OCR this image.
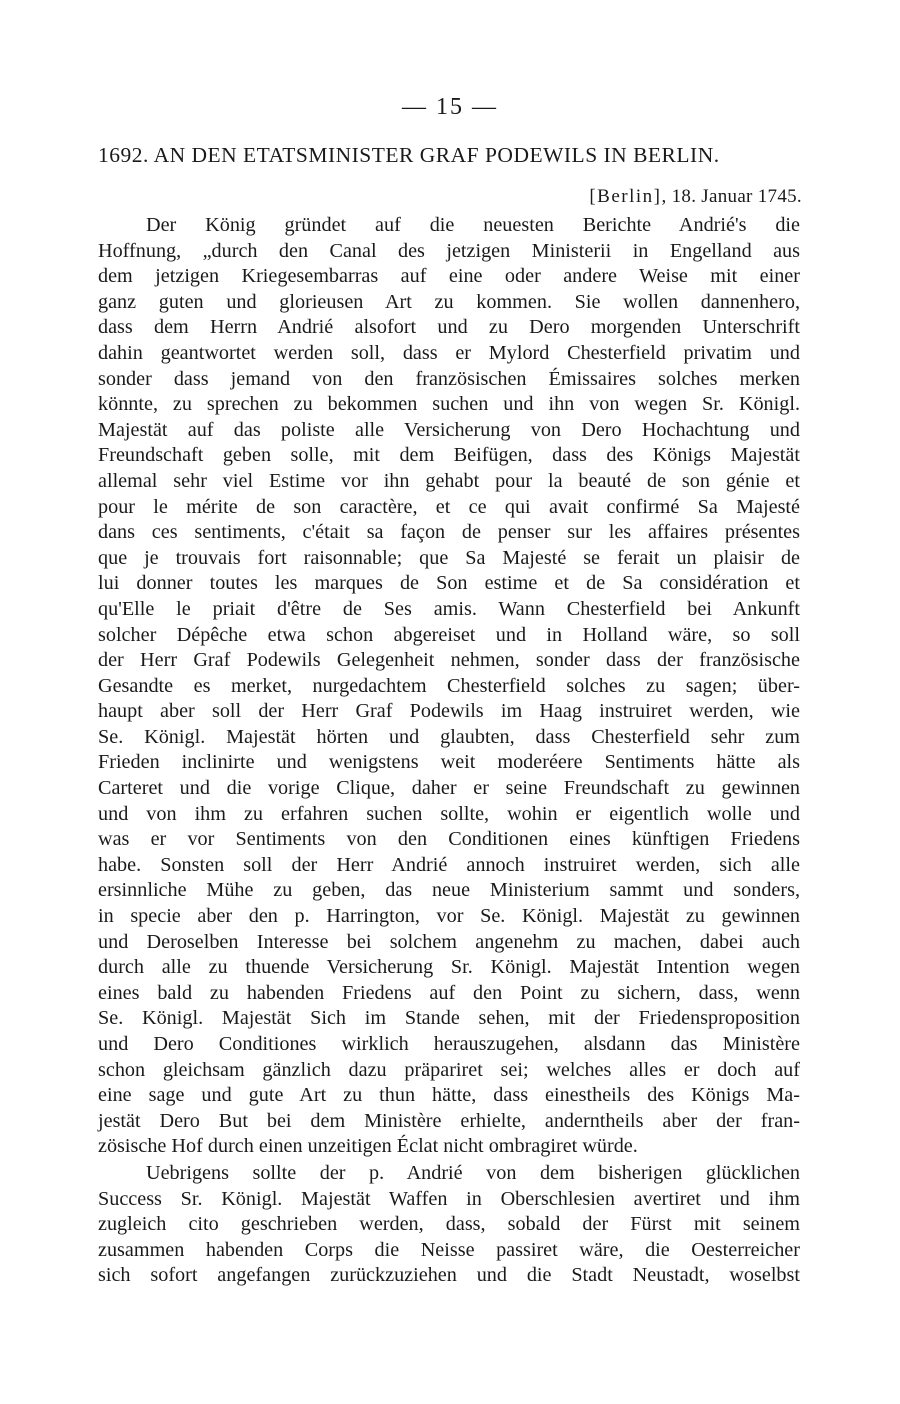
— 15 —
1692. AN DEN ETATSMINISTER GRAF PODEWILS IN BERLIN.
[Berlin], 18. Januar 1745.
Der König gründet auf die neuesten Berichte Andrié's die
Hoffnung, „durch den Canal des jetzigen Ministerii in Engelland aus
dem jetzigen Kriegesembarras auf eine oder andere Weise mit einer
ganz guten und glorieusen Art zu kommen. Sie wollen dannenhero,
dass dem Herrn Andrié alsofort und zu Dero morgenden Unterschrift
dahin geantwortet werden soll, dass er Mylord Chesterfield privatim und
sonder dass jemand von den französischen Émissaires solches merken
könnte, zu sprechen zu bekommen suchen und ihn von wegen Sr. Königl.
Majestät auf das poliste alle Versicherung von Dero Hochachtung und
Freundschaft geben solle, mit dem Beifügen, dass des Königs Majestät
allemal sehr viel Estime vor ihn gehabt pour la beauté de son génie et
pour le mérite de son caractère, et ce qui avait confirmé Sa Majesté
dans ces sentiments, c'était sa façon de penser sur les affaires présentes
que je trouvais fort raisonnable; que Sa Majesté se ferait un plaisir de
lui donner toutes les marques de Son estime et de Sa considération et
qu'Elle le priait d'être de Ses amis. Wann Chesterfield bei Ankunft
solcher Dépêche etwa schon abgereiset und in Holland wäre, so soll
der Herr Graf Podewils Gelegenheit nehmen, sonder dass der französische
Gesandte es merket, nurgedachtem Chesterfield solches zu sagen; über-
haupt aber soll der Herr Graf Podewils im Haag instruiret werden, wie
Se. Königl. Majestät hörten und glaubten, dass Chesterfield sehr zum
Frieden inclinirte und wenigstens weit moderéere Sentiments hätte als
Carteret und die vorige Clique, daher er seine Freundschaft zu gewinnen
und von ihm zu erfahren suchen sollte, wohin er eigentlich wolle und
was er vor Sentiments von den Conditionen eines künftigen Friedens
habe. Sonsten soll der Herr Andrié annoch instruiret werden, sich alle
ersinnliche Mühe zu geben, das neue Ministerium sammt und sonders,
in specie aber den p. Harrington, vor Se. Königl. Majestät zu gewinnen
und Deroselben Interesse bei solchem angenehm zu machen, dabei auch
durch alle zu thuende Versicherung Sr. Königl. Majestät Intention wegen
eines bald zu habenden Friedens auf den Point zu sichern, dass, wenn
Se. Königl. Majestät Sich im Stande sehen, mit der Friedensproposition
und Dero Conditiones wirklich herauszugehen, alsdann das Ministère
schon gleichsam gänzlich dazu präpariret sei; welches alles er doch auf
eine sage und gute Art zu thun hätte, dass einestheils des Königs Ma-
jestät Dero But bei dem Ministère erhielte, anderntheils aber der fran-
zösische Hof durch einen unzeitigen Éclat nicht ombragiret würde.
Uebrigens sollte der p. Andrié von dem bisherigen glücklichen
Success Sr. Königl. Majestät Waffen in Oberschlesien avertiret und ihm
zugleich cito geschrieben werden, dass, sobald der Fürst mit seinem
zusammen habenden Corps die Neisse passiret wäre, die Oesterreicher
sich sofort angefangen zurückzuziehen und die Stadt Neustadt, woselbst
